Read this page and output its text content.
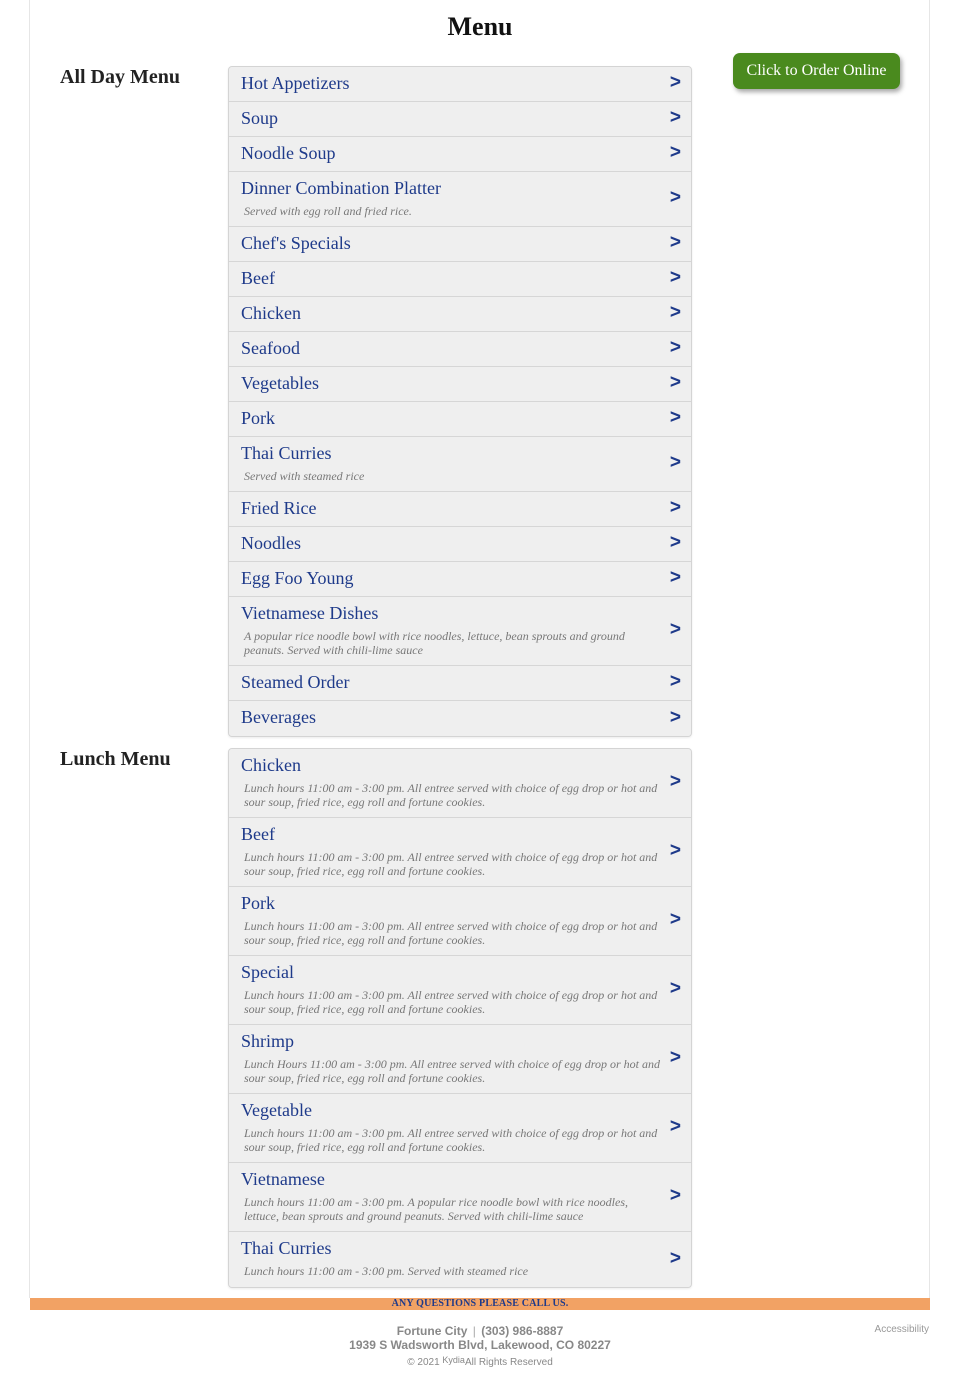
Menu
Click to Order Online
All Day Menu	Hot Appetizers	>
Soup	>
Noodle Soup	>
Dinner Combination Platter
Served with egg roll and fried rice.
>
Chef's Specials	>
Beef	>
Chicken	>
Seafood	>
Vegetables	>
Pork	>
Thai Curries
Served with steamed rice
>
Fried Rice	>
Noodles	>
Egg Foo Young	>
Vietnamese Dishes
A popular rice noodle bowl with rice noodles, lettuce, bean sprouts and ground peanuts. Served with chili-lime sauce
>
Steamed Order	>
Beverages	>
Lunch Menu	Chicken
Lunch hours 11:00 am - 3:00 pm. All entree served with choice of egg drop or hot and sour soup, fried rice, egg roll and fortune cookies.
>
Beef
Lunch hours 11:00 am - 3:00 pm. All entree served with choice of egg drop or hot and sour soup, fried rice, egg roll and fortune cookies.
>
Pork
Lunch hours 11:00 am - 3:00 pm. All entree served with choice of egg drop or hot and sour soup, fried rice, egg roll and fortune cookies.
>
Special
Lunch hours 11:00 am - 3:00 pm. All entree served with choice of egg drop or hot and sour soup, fried rice, egg roll and fortune cookies.
>
Shrimp
Lunch Hours 11:00 am - 3:00 pm. All entree served with choice of egg drop or hot and sour soup, fried rice, egg roll and fortune cookies.
>
Vegetable
Lunch hours 11:00 am - 3:00 pm. All entree served with choice of egg drop or hot and sour soup, fried rice, egg roll and fortune cookies.
>
Vietnamese
Lunch hours 11:00 am - 3:00 pm. A popular rice noodle bowl with rice noodles, lettuce, bean sprouts and ground peanuts. Served with chili-lime sauce
>
Thai Curries
Lunch hours 11:00 am - 3:00 pm. Served with steamed rice
>
ANY QUESTIONS PLEASE CALL US.
Fortune City | (303) 986-8887
1939 S Wadsworth Blvd, Lakewood, CO 80227
© 2021 KydiaAll Rights Reserved
Accessibility
